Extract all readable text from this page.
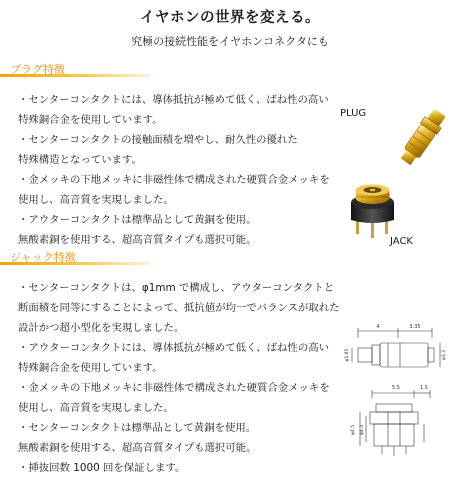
イヤホンの世界を変える。
究極の接続性能をイヤホンコネクタにも
プラグ特徴

・センターコンタクトには、導体抵抗が極めて低く、ばね性の高い

特殊銅合金を使用しています。

・センターコンタクトの接触面積を増やし、耐久性の優れた

特殊構造となっています。

・金メッキの下地メッキに非磁性体で構成された硬質合金メッキを

使用し、高音質を実現しました。

・アウターコンタクトは標準品として黄銅を使用。

無酸素銅を使用する、超高音質タイプも選択可能。

PLUG
JACK
ジャック特徴

・センターコンタクトは、φ1mm で構成し、アウターコンタクトと

断面積を同等にすることによって、抵抗値が均一でバランスが取れた

設計かつ超小型化を実現しました。

・アウターコンタクトには、導体抵抗が極めて低く、ばね性の高い

特殊銅合金を使用しています。

・金メッキの下地メッキに非磁性体で構成された硬質合金メッキを

使用し、高音質を実現しました。

・センターコンタクトは標準品として黄銅を使用。

無酸素銅を使用する、超高音質タイプも選択可能。

・挿抜回数 1000 回を保証します。

4	3.35
φ1.85	φ3.3
5.5	1.5
φ4.5 φ4.3
